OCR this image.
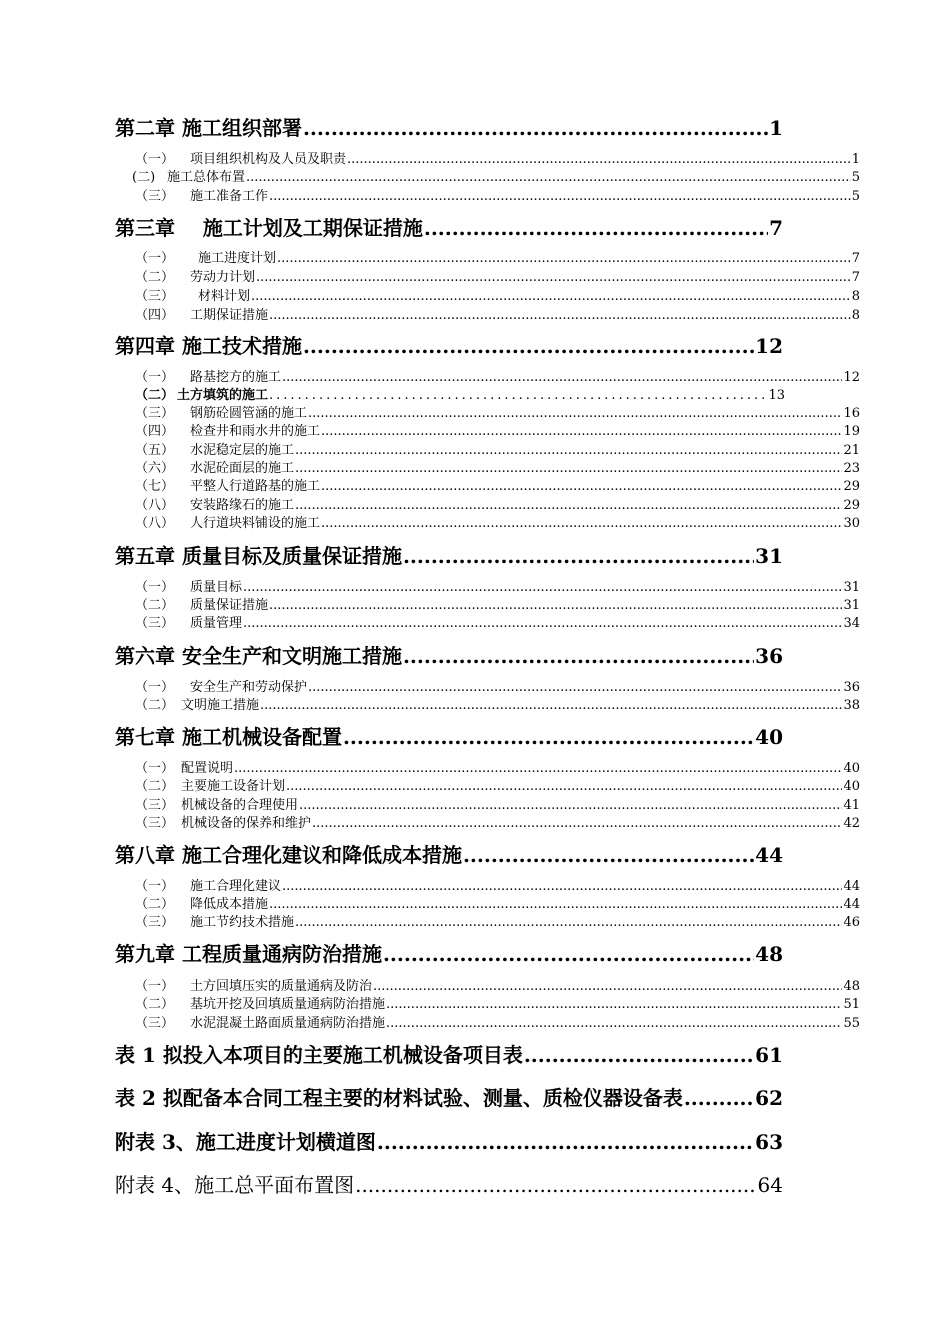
第二章 施工组织部署 .....	1
（一）	项目组织机构及人员及职责 .....	1
(二) 施工总体布置 .....	5
（三）	施工准备工作 .....	5
第三章    施工计划及工期保证措施 .....	7
（一）	施工进度计划 .....	7
（二）	劳动力计划 .....	7
（三）	材料计划 .....	8
（四）	工期保证措施 .....	8
第四章 施工技术措施 .....	12
（一）	路基挖方的施工 .....	12
（二） 土方填筑的施工 .....	13
（三）	钢筋砼圆管涵的施工 .....	16
（四）	检查井和雨水井的施工 .....	19
（五）	水泥稳定层的施工 .....	21
（六）	水泥砼面层的施工 .....	23
（七）	平整人行道路基的施工 .....	29
（八）	安装路缘石的施工 .....	29
（八）	人行道块料铺设的施工 .....	30
第五章 质量目标及质量保证措施 .....	31
（一）	质量目标 .....	31
（二）	质量保证措施 .....	31
（三）	质量管理 .....	34
第六章 安全生产和文明施工措施 .....	36
（一）	安全生产和劳动保护 .....	36
（二） 文明施工措施 .....	38
第七章 施工机械设备配置 .....	40
（一） 配置说明 .....	40
（二） 主要施工设备计划 .....	40
（三） 机械设备的合理使用 .....	41
（三） 机械设备的保养和维护 .....	42
第八章 施工合理化建议和降低成本措施 .....	44
（一）	施工合理化建议 .....	44
（二）	降低成本措施 .....	44
（三）	施工节约技术措施 .....	46
第九章 工程质量通病防治措施 .....	48
（一）	土方回填压实的质量通病及防治 .....	48
（二）	基坑开挖及回填质量通病防治措施 .....	51
（三）	水泥混凝土路面质量通病防治措施 .....	55
表 1 拟投入本项目的主要施工机械设备项目表 .....	61
表 2 拟配备本合同工程主要的材料试验、测量、质检仪器设备表 .....	62
附表 3、施工进度计划横道图 .....	63
附表 4、施工总平面布置图 .....	64
